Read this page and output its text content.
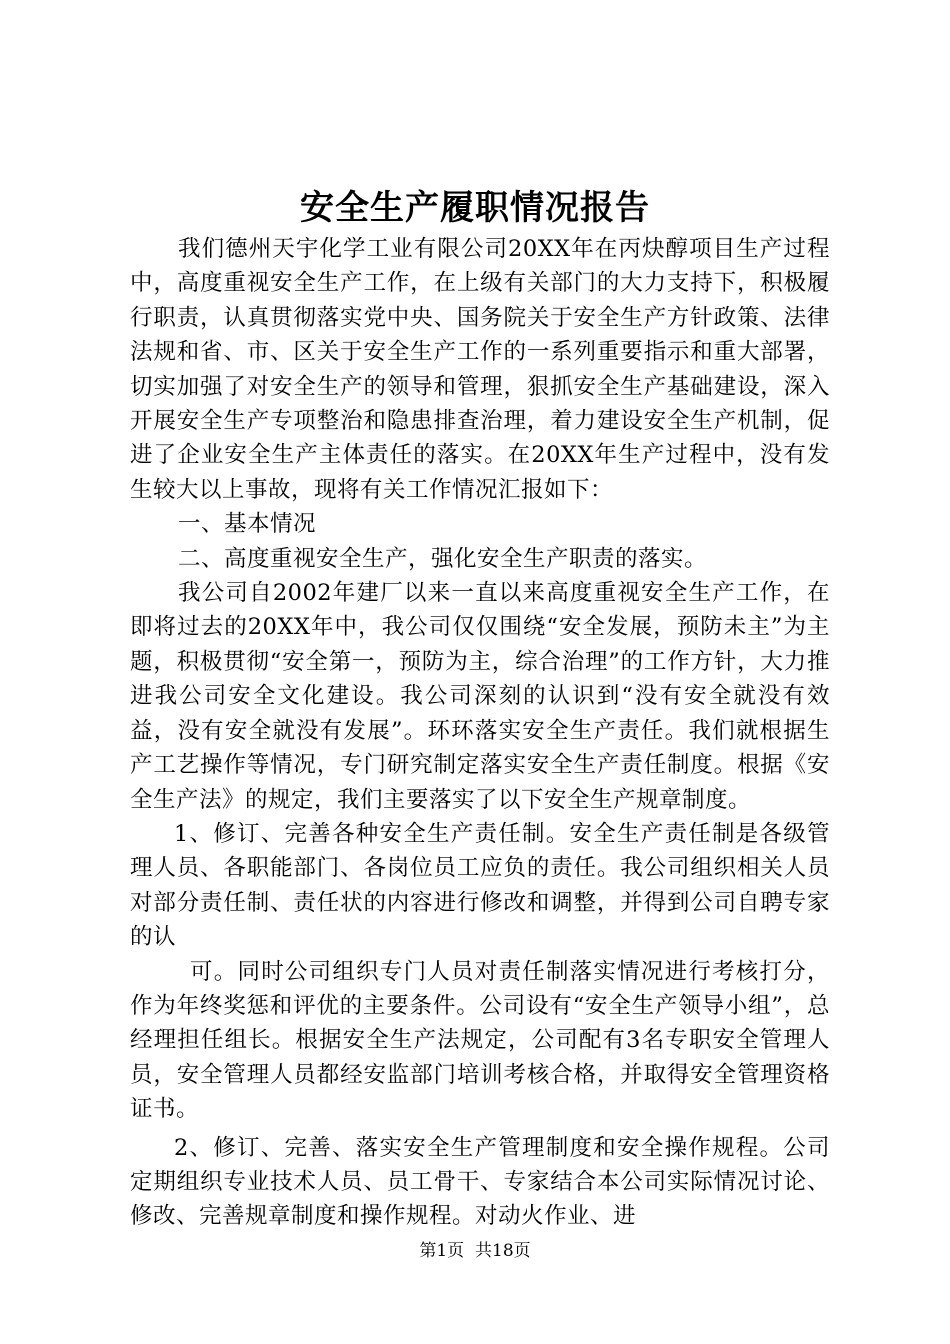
安全生产履职情况报告

我们德州天宇化学工业有限公司20XX年在丙炔醇项目生产过程中，高度重视安全生产工作，在上级有关部门的大力支持下，积极履行职责，认真贯彻落实党中央、国务院关于安全生产方针政策、法律法规和省、市、区关于安全生产工作的一系列重要指示和重大部署，切实加强了对安全生产的领导和管理，狠抓安全生产基础建设，深入开展安全生产专项整治和隐患排查治理，着力建设安全生产机制，促进了企业安全生产主体责任的落实。在20XX年生产过程中，没有发生较大以上事故，现将有关工作情况汇报如下：

一、基本情况

二、高度重视安全生产，强化安全生产职责的落实。

我公司自2002年建厂以来一直以来高度重视安全生产工作，在即将过去的20XX年中，我公司仅仅围绕“安全发展，预防未主”为主题，积极贯彻“安全第一，预防为主，综合治理”的工作方针，大力推进我公司安全文化建设。我公司深刻的认识到“没有安全就没有效益，没有安全就没有发展”。环环落实安全生产责任。我们就根据生产工艺操作等情况，专门研究制定落实安全生产责任制度。根据《安全生产法》的规定，我们主要落实了以下安全生产规章制度。

1、修订、完善各种安全生产责任制。安全生产责任制是各级管理人员、各职能部门、各岗位员工应负的责任。我公司组织相关人员对部分责任制、责任状的内容进行修改和调整，并得到公司自聘专家的认

可。同时公司组织专门人员对责任制落实情况进行考核打分，作为年终奖惩和评优的主要条件。公司设有“安全生产领导小组”，总经理担任组长。根据安全生产法规定，公司配有3名专职安全管理人员，安全管理人员都经安监部门培训考核合格，并取得安全管理资格证书。

2、修订、完善、落实安全生产管理制度和安全操作规程。公司定期组织专业技术人员、员工骨干、专家结合本公司实际情况讨论、修改、完善规章制度和操作规程。对动火作业、进

第1页 共18页
